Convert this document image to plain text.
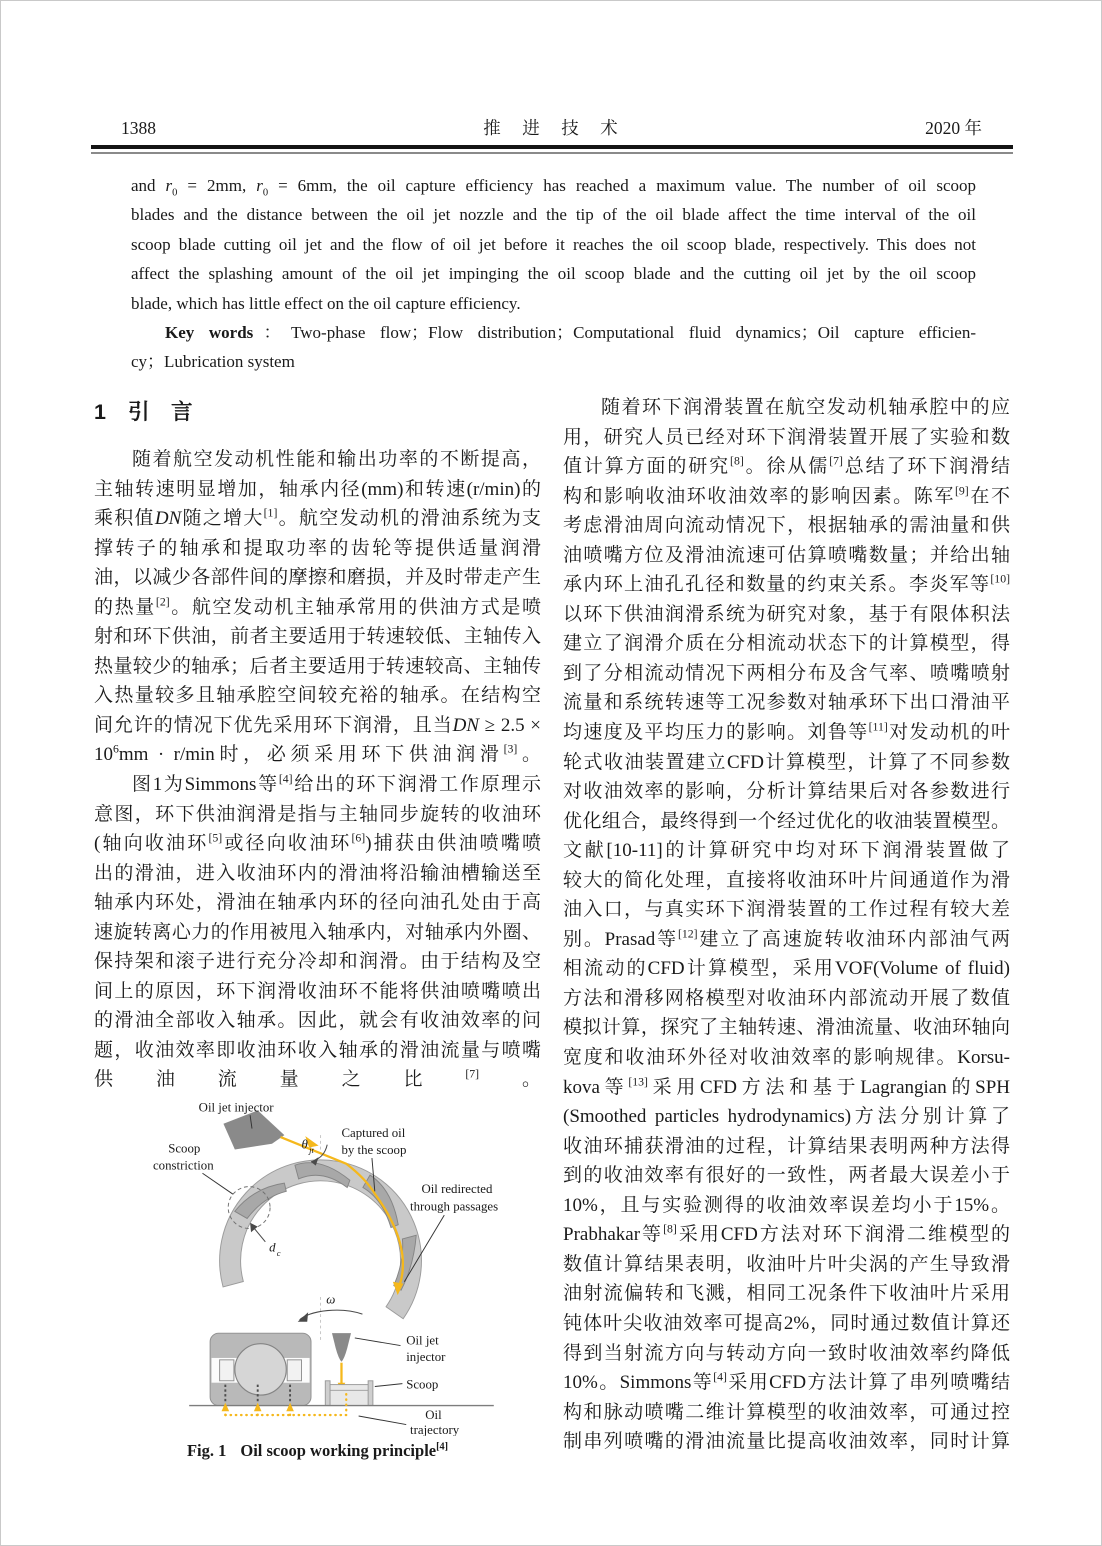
1388	推　进　技　术	2020 年
and $r_0 = 2mm$, $r_0 = 6mm$, the oil capture efficiency has reached a maximum value. The number of oil scoop
blades and the distance between the oil jet nozzle and the tip of the oil blade affect the time interval of the oil
scoop blade cutting oil jet and the flow of oil jet before it reaches the oil scoop blade, respectively. This does not
affect the splashing amount of the oil jet impinging the oil scoop blade and the cutting oil jet by the oil scoop
blade, which has little effect on the oil capture efficiency.
Key words：Two-phase flow；Flow distribution；Computational fluid dynamics；Oil capture efficien-
cy；Lubrication system
1 引　言
随着航空发动机性能和输出功率的不断提高，
主轴转速明显增加，轴承内径(mm)和转速(r/min)的
乘积值DN随之增大[1]。航空发动机的滑油系统为支
撑转子的轴承和提取功率的齿轮等提供适量润滑
油，以减少各部件间的摩擦和磨损，并及时带走产生
的热量[2]。航空发动机主轴承常用的供油方式是喷
射和环下供油，前者主要适用于转速较低、主轴传入
热量较少的轴承；后者主要适用于转速较高、主轴传
入热量较多且轴承腔空间较充裕的轴承。在结构空
间允许的情况下优先采用环下润滑，且当DN ≥ 2.5 ×
$10^6mm \cdot r/\min$时，必须采用环下供油润滑[3]。
图1为Simmons等[4]给出的环下润滑工作原理示
意图，环下供油润滑是指与主轴同步旋转的收油环
(轴向收油环[5]或径向收油环[6])捕获由供油喷嘴喷
出的滑油，进入收油环内的滑油将沿输油槽输送至
轴承内环处，滑油在轴承内环的径向油孔处由于高
速旋转离心力的作用被甩入轴承内，对轴承内外圈、
保持架和滚子进行充分冷却和润滑。由于结构及空
间上的原因，环下润滑收油环不能将供油喷嘴喷出
的滑油全部收入轴承。因此，就会有收油效率的问
题，收油效率即收油环收入轴承的滑油流量与喷嘴
供油流量之比[7]。
随着环下润滑装置在航空发动机轴承腔中的应
用，研究人员已经对环下润滑装置开展了实验和数
值计算方面的研究[8]。徐从儒[7]总结了环下润滑结
构和影响收油环收油效率的影响因素。陈军[9]在不
考虑滑油周向流动情况下，根据轴承的需油量和供
油喷嘴方位及滑油流速可估算喷嘴数量；并给出轴
承内环上油孔孔径和数量的约束关系。李炎军等[10]
以环下供油润滑系统为研究对象，基于有限体积法
建立了润滑介质在分相流动状态下的计算模型，得
到了分相流动情况下两相分布及含气率、喷嘴喷射
流量和系统转速等工况参数对轴承环下出口滑油平
均速度及平均压力的影响。刘鲁等[11]对发动机的叶
轮式收油装置建立CFD计算模型，计算了不同参数
对收油效率的影响，分析计算结果后对各参数进行
优化组合，最终得到一个经过优化的收油装置模型。
文献[10-11]的计算研究中均对环下润滑装置做了
较大的简化处理，直接将收油环叶片间通道作为滑
油入口，与真实环下润滑装置的工作过程有较大差
别。Prasad等[12]建立了高速旋转收油环内部油气两
相流动的CFD计算模型，采用VOF(Volume of fluid)
方法和滑移网格模型对收油环内部流动开展了数值
模拟计算，探究了主轴转速、滑油流量、收油环轴向
宽度和收油环外径对收油效率的影响规律。Korsu-
kova等[13]采用CFD方法和基于Lagrangian的SPH
(Smoothed particles hydrodynamics)方法分别计算了
收油环捕获滑油的过程，计算结果表明两种方法得
到的收油效率有很好的一致性，两者最大误差小于
10%，且与实验测得的收油效率误差均小于15%。
Prabhakar等[8]采用CFD方法对环下润滑二维模型的
数值计算结果表明，收油叶片叶尖涡的产生导致滑
油射流偏转和飞溅，相同工况条件下收油叶片采用
钝体叶尖收油效率可提高2%，同时通过数值计算还
得到当射流方向与转动方向一致时收油效率约降低
10%。Simmons等[4]采用CFD方法计算了串列喷嘴结
构和脉动喷嘴二维计算模型的收油效率，可通过控
制串列喷嘴的滑油流量比提高收油效率，同时计算
Oil jet injector
θ jt
Scoop
constriction
Captured oil
by the scoop
Oil redirected
through passages
d c
ω
Oil jet
injector
Scoop
Oil
trajectory
Fig. 1 Oil scoop working principle[4]
